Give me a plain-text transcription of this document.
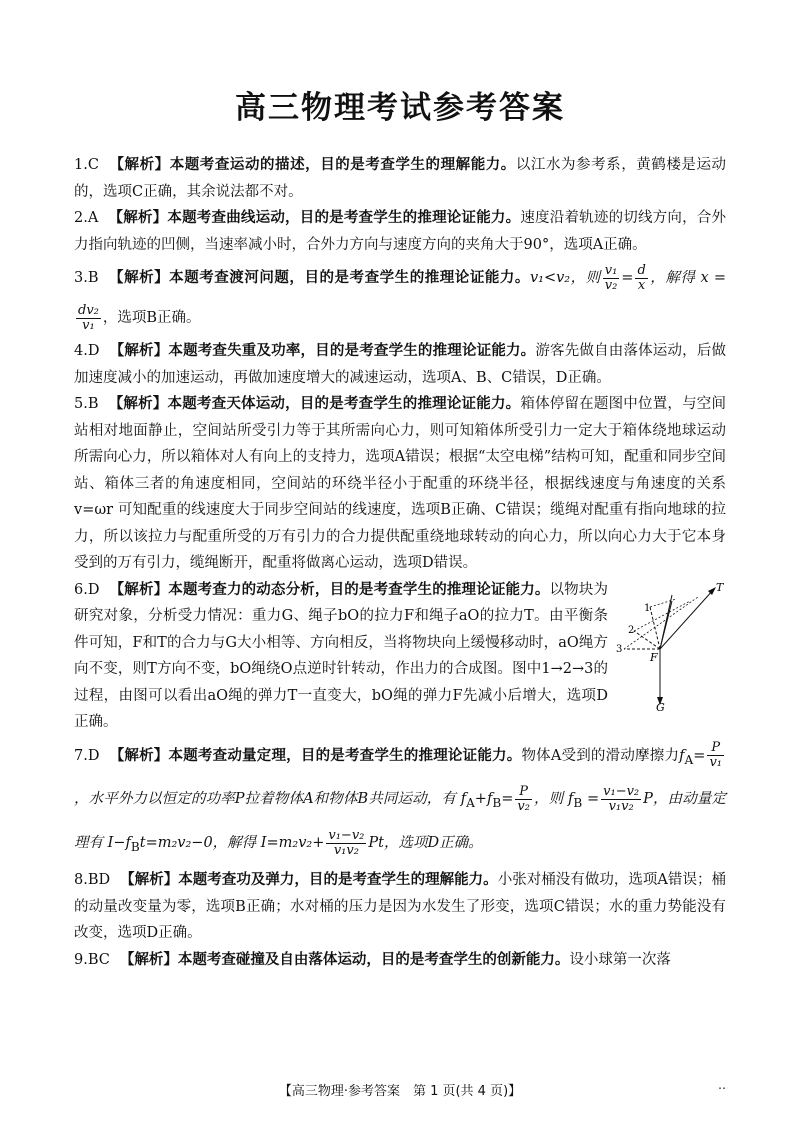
高三物理考试参考答案

1.C 【解析】本题考查运动的描述，目的是考查学生的理解能力。以江水为参考系，黄鹤楼是运动的，选项C正确，其余说法都不对。

2.A 【解析】本题考查曲线运动，目的是考查学生的推理论证能力。速度沿着轨迹的切线方向，合外力指向轨迹的凹侧，当速率减小时，合外力方向与速度方向的夹角大于90°，选项A正确。

3.B 【解析】本题考查渡河问题，目的是考查学生的推理论证能力。v₁<v₂，则 $\frac{\text{v₁}}{\text{v₂}} = \frac{d}{x}$ ，解得 x =
$\frac{\text{dv₂}}{\text{v₁}}$ ，选项B正确。

4.D 【解析】本题考查失重及功率，目的是考查学生的推理论证能力。游客先做自由落体运动，后做加速度减小的加速运动，再做加速度增大的减速运动，选项A、B、C错误，D正确。

5.B 【解析】本题考查天体运动，目的是考查学生的推理论证能力。箱体停留在题图中位置，与空间站相对地面静止，空间站所受引力等于其所需向心力，则可知箱体所受引力一定大于箱体绕地球运动所需向心力，所以箱体对人有向上的支持力，选项A错误；根据“太空电梯”结构可知，配重和同步空间站、箱体三者的角速度相同，空间站的环绕半径小于配重的环绕半径，根据线速度与角速度的关系 v=ωr 可知配重的线速度大于同步空间站的线速度，选项B正确、C错误；缆绳对配重有指向地球的拉力，所以该拉力与配重所受的万有引力的合力提供配重绕地球转动的向心力，所以向心力大于它本身受到的万有引力，缆绳断开，配重将做离心运动，选项D错误。

6.D 【解析】本题考查力的动态分析，目的是考查学生的推理论证能力。以物块为研究对象，分析受力情况：重力G、绳子bO的拉力F和绳子aO的拉力T。由平衡条件可知，F和T的合力与G大小相等、方向相反，当将物块向上缓慢移动时，aO绳方向不变，则T方向不变，bO绳绕O点逆时针转动，作出力的合成图。图中1→2→3的过程，由图可以看出aO绳的弹力T一直变大，bO绳的弹力F先减小后增大，选项D正确。
T
F
G
1
2
3

7.D 【解析】本题考查动量定理，目的是考查学生的推理论证能力。物体A受到的滑动摩擦力$f_A= \frac{P}{\text{v₁}}$
，水平外力以恒定的功率P拉着物体A和物体B共同运动，有 $f_A+f_B= \frac{P}{\text{v₂}}$ ，则 $f_B = \frac{\text{v₁−v₂}}{\text{v₁v₂}}$ P，由动量定理有 $I-f_Bt=m_2v_2-0$，解得 $I=m_2v_2+ \frac{\text{v₁−v₂}}{\text{v₁v₂}}$ Pt，选项D正确。

8.BD 【解析】本题考查功及弹力，目的是考查学生的理解能力。小张对桶没有做功，选项A错误；桶的动量改变量为零，选项B正确；水对桶的压力是因为水发生了形变，选项C错误；水的重力势能没有改变，选项D正确。

9.BC 【解析】本题考查碰撞及自由落体运动，目的是考查学生的创新能力。设小球第一次落

【高三物理·参考答案　第 1 页(共 4 页)】	‥
